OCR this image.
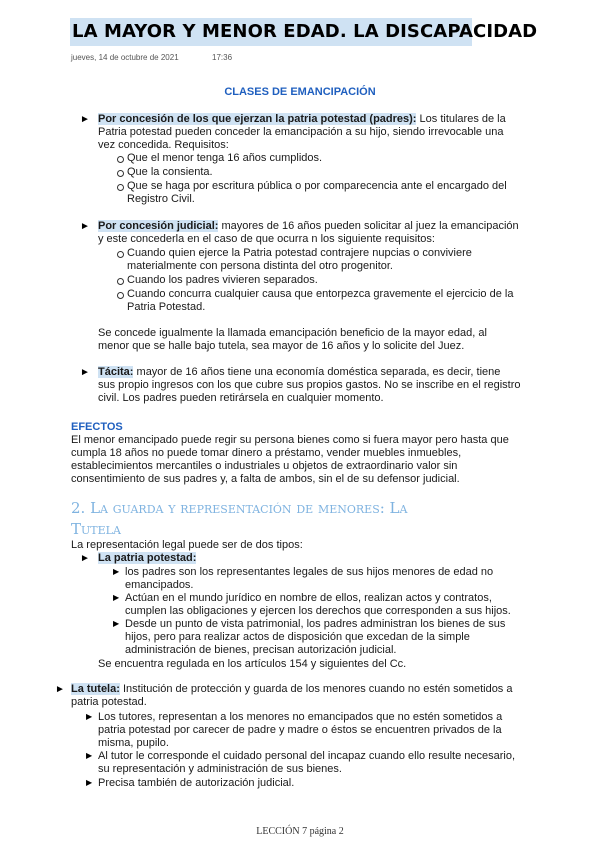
LA MAYOR Y MENOR EDAD. LA DISCAPACIDAD
jueves, 14 de octubre de 2021	17:36
CLASES DE EMANCIPACIÓN
► Por concesión de los que ejerzan la patria potestad (padres): Los titulares de la
Patria potestad pueden conceder la emancipación a su hijo, siendo irrevocable una
vez concedida. Requisitos:
Que el menor tenga 16 años cumplidos.
Que la consienta.
Que se haga por escritura pública o por comparecencia ante el encargado del
Registro Civil.
► Por concesión judicial: mayores de 16 años pueden solicitar al juez la emancipación
y este concederla en el caso de que ocurra n los siguiente requisitos:
Cuando quien ejerce la Patria potestad contrajere nupcias o conviviere
materialmente con persona distinta del otro progenitor.
Cuando los padres vivieren separados.
Cuando concurra cualquier causa que entorpezca gravemente el ejercicio de la
Patria Potestad.
Se concede igualmente la llamada emancipación beneficio de la mayor edad, al
menor que se halle bajo tutela, sea mayor de 16 años y lo solicite del Juez.
► Tácita: mayor de 16 años tiene una economía doméstica separada, es decir, tiene
sus propio ingresos con los que cubre sus propios gastos. No se inscribe en el registro
civil. Los padres pueden retirársela en cualquier momento.
EFECTOS
El menor emancipado puede regir su persona bienes como si fuera mayor pero hasta que
cumpla 18 años no puede tomar dinero a préstamo, vender muebles inmuebles,
establecimientos mercantiles o industriales u objetos de extraordinario valor sin
consentimiento de sus padres y, a falta de ambos, sin el de su defensor judicial.
2. La guarda y representación de menores: La
Tutela
La representación legal puede ser de dos tipos:
► La patria potestad:
▶ los padres son los representantes legales de sus hijos menores de edad no
emancipados.
▶ Actúan en el mundo jurídico en nombre de ellos, realizan actos y contratos,
cumplen las obligaciones y ejercen los derechos que corresponden a sus hijos.
▶ Desde un punto de vista patrimonial, los padres administran los bienes de sus
hijos, pero para realizar actos de disposición que excedan de la simple
administración de bienes, precisan autorización judicial.
Se encuentra regulada en los artículos 154 y siguientes del Cc.
► La tutela: Institución de protección y guarda de los menores cuando no estén sometidos a
patria potestad.
▶ Los tutores, representan a los menores no emancipados que no estén sometidos a
patria potestad por carecer de padre y madre o éstos se encuentren privados de la
misma, pupilo.
▶ Al tutor le corresponde el cuidado personal del incapaz cuando ello resulte necesario,
su representación y administración de sus bienes.
▶ Precisa también de autorización judicial.
LECCIÓN 7 página 2
